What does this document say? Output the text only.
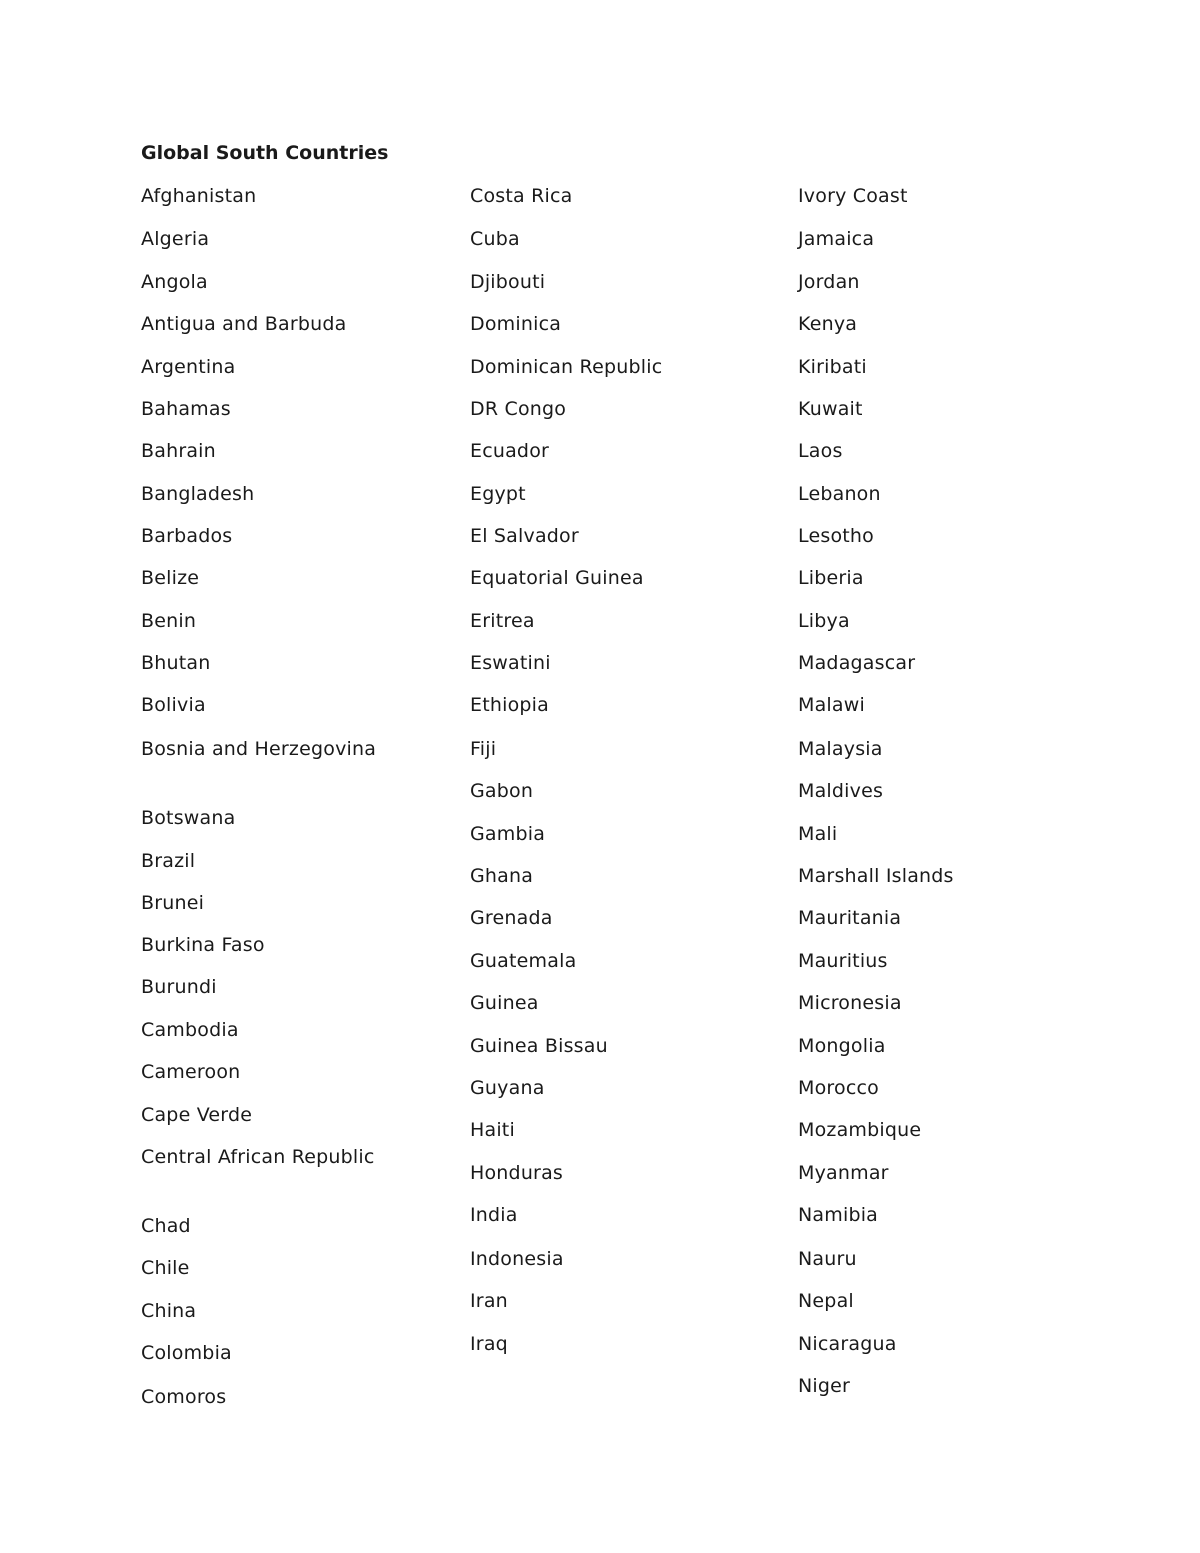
Global South Countries
Afghanistan
Algeria
Angola
Antigua and Barbuda
Argentina
Bahamas
Bahrain
Bangladesh
Barbados
Belize
Benin
Bhutan
Bolivia
Bosnia and Herzegovina
Botswana
Brazil
Brunei
Burkina Faso
Burundi
Cambodia
Cameroon
Cape Verde
Central African Republic
Chad
Chile
China
Colombia
Comoros
Costa Rica
Cuba
Djibouti
Dominica
Dominican Republic
DR Congo
Ecuador
Egypt
El Salvador
Equatorial Guinea
Eritrea
Eswatini
Ethiopia
Fiji
Gabon
Gambia
Ghana
Grenada
Guatemala
Guinea
Guinea Bissau
Guyana
Haiti
Honduras
India
Indonesia
Iran
Iraq
Ivory Coast
Jamaica
Jordan
Kenya
Kiribati
Kuwait
Laos
Lebanon
Lesotho
Liberia
Libya
Madagascar
Malawi
Malaysia
Maldives
Mali
Marshall Islands
Mauritania
Mauritius
Micronesia
Mongolia
Morocco
Mozambique
Myanmar
Namibia
Nauru
Nepal
Nicaragua
Niger
